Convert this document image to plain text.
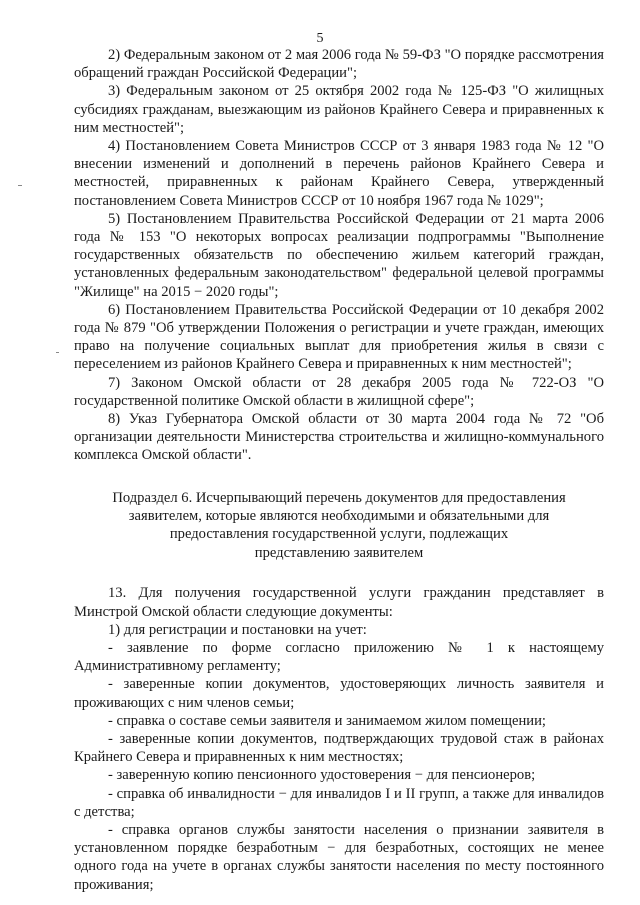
5

2) Федеральным законом от 2 мая 2006 года № 59-ФЗ "О порядке рассмотрения обращений граждан Российской Федерации";

3) Федеральным законом от 25 октября 2002 года № 125-ФЗ "О жилищных субсидиях гражданам, выезжающим из районов Крайнего Севера и приравненных к ним местностей";

4) Постановлением Совета Министров СССР от 3 января 1983 года № 12 "О внесении изменений и дополнений в перечень районов Крайнего Севера и местностей, приравненных к районам Крайнего Севера, утвержденный постановлением Совета Министров СССР от 10 ноября 1967 года № 1029";

5) Постановлением Правительства Российской Федерации от 21 марта 2006 года № 153 "О некоторых вопросах реализации подпрограммы "Выполнение государственных обязательств по обеспечению жильем категорий граждан, установленных федеральным законодательством" федеральной целевой программы "Жилище" на 2015 − 2020 годы";

6) Постановлением Правительства Российской Федерации от 10 декабря 2002 года № 879 "Об утверждении Положения о регистрации и учете граждан, имеющих право на получение социальных выплат для приобретения жилья в связи с переселением из районов Крайнего Севера и приравненных к ним местностей";

7) Законом Омской области от 28 декабря 2005 года № 722-ОЗ "О государственной политике Омской области в жилищной сфере";

8) Указ Губернатора Омской области от 30 марта 2004 года № 72 "Об организации деятельности Министерства строительства и жилищно-коммунального комплекса Омской области".

Подраздел 6. Исчерпывающий перечень документов для предоставления
заявителем, которые являются необходимыми и обязательными для
предоставления государственной услуги, подлежащих
представлению заявителем

13. Для получения государственной услуги гражданин представляет в Минстрой Омской области следующие документы:

1) для регистрации и постановки на учет:

- заявление по форме согласно приложению № 1 к настоящему Административному регламенту;

- заверенные копии документов, удостоверяющих личность заявителя и проживающих с ним членов семьи;

- справка о составе семьи заявителя и занимаемом жилом помещении;

- заверенные копии документов, подтверждающих трудовой стаж в районах Крайнего Севера и приравненных к ним местностях;

- заверенную копию пенсионного удостоверения − для пенсионеров;

- справка об инвалидности − для инвалидов I и II групп, а также для инвалидов с детства;

- справка органов службы занятости населения о признании заявителя в установленном порядке безработным − для безработных, состоящих не менее одного года на учете в органах службы занятости населения по месту постоянного проживания;
